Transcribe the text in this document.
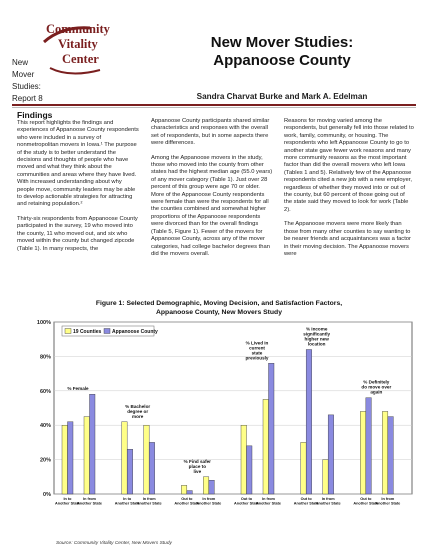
New
Mover
Studies:
Report 8
Community
Vitality
Center
New Mover Studies:
Appanoose County
Sandra Charvat Burke and Mark A. Edelman
Findings

This report highlights the findings and experiences of Appanoose County respondents who were included in a survey of nonmetropolitan movers in Iowa.¹ The purpose of the study is to better understand the decisions and thoughts of people who have moved and what they think about the communities and areas where they have lived. With increased understanding about why people move, community leaders may be able to develop actionable strategies for attracting and retaining population.²

Thirty-six respondents from Appanoose County participated in the survey, 19 who moved into the county, 11 who moved out, and six who moved within the county but changed zipcode (Table 1). In many respects, the

Appanoose County participants shared similar characteristics and responses with the overall set of respondents, but in some aspects there were differences.

Among the Appanoose movers in the study, those who moved into the county from other states had the highest median age (55.0 years) of any mover category (Table 1). Just over 28 percent of this group were age 70 or older. More of the Appanoose County respondents were female than were the respondents for all the counties combined and somewhat higher proportions of the Appanoose respondents were divorced than for the overall findings (Table 5, Figure 1). Fewer of the movers for Appanoose County, across any of the mover categories, had college bachelor degrees than did the movers overall.

Reasons for moving varied among the respondents, but generally fell into those related to work, family, community, or housing. The respondents who left Appanoose County to go to another state gave fewer work reasons and many more community reasons as the most important factor than did the overall movers who left Iowa (Tables 1 and 5). Relatively few of the Appanoose respondents cited a new job with a new employer, regardless of whether they moved into or out of the county, but 60 percent of those going out of the state said they moved to look for work (Table 2).

The Appanoose movers were more likely than those from many other counties to say wanting to be nearer friends and acquaintances was a factor in their moving decision. The Appanoose movers were

Figure 1: Selected Demographic, Moving Decision, and Satisfaction Factors,
Appanoose County, New Movers Study
0%
20%
40%
60%
80%
100%
19 Counties Appanoose County
In to
Another State
In from
Another State
% Female
In to
Another State
In from
Another State
% Bachelor
degree or
more
Out to
Another State
In from
Another State
% Find safer
place to
live
Out to
Another State
In from
Another State
% Lived in
current
state
previously
Out to
Another State
In from
Another State
% Income
significantly
higher new
location
Out to
Another State
In from
Another State
% Definitely
do move over
again
Source: Community Vitality Center, New Movers Study
